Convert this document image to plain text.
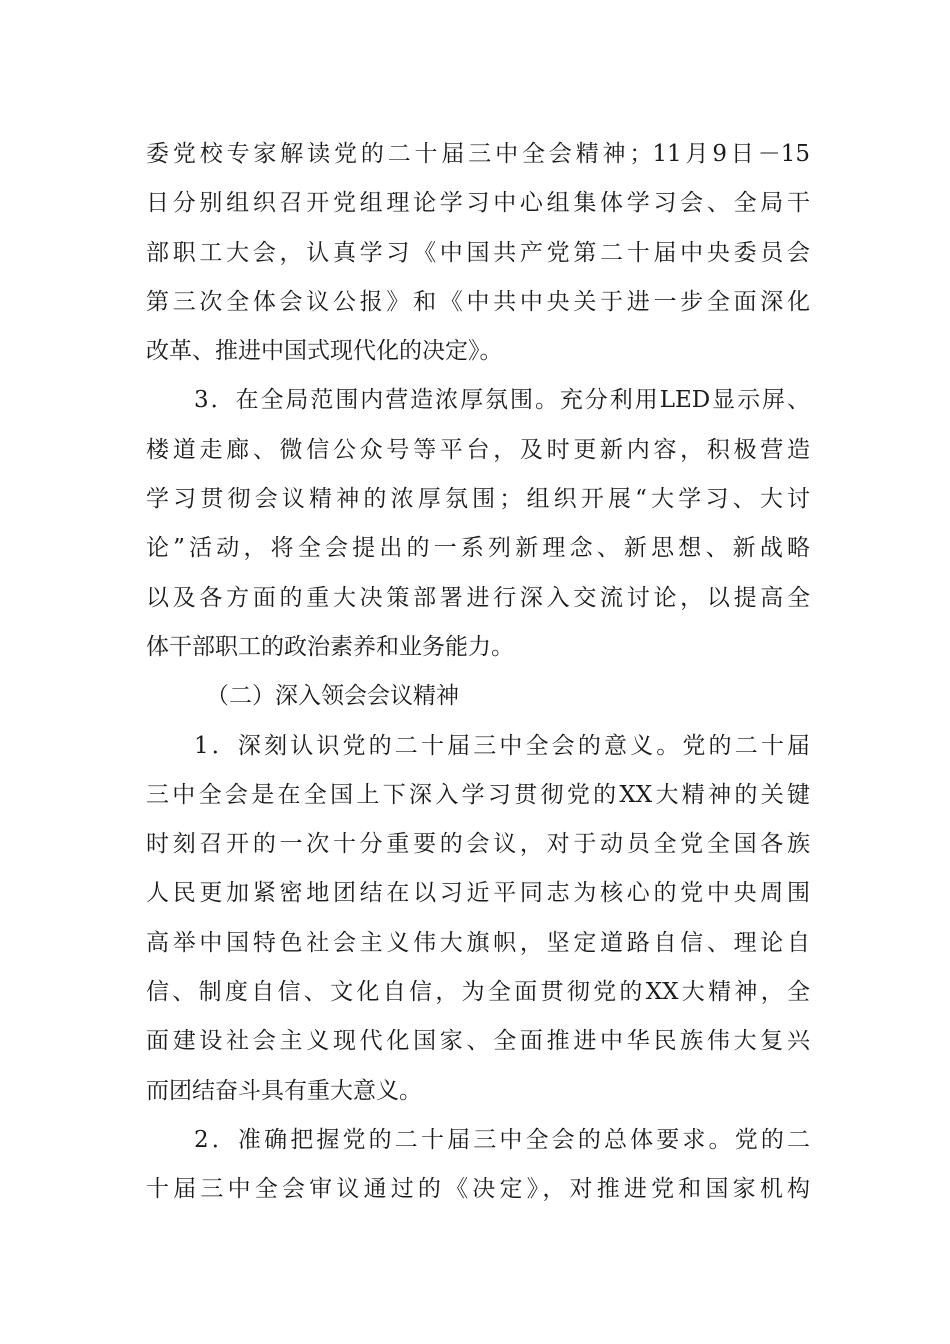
委党校专家解读党的二十届三中全会精神；11月9日－15
日分别组织召开党组理论学习中心组集体学习会、全局干
部职工大会，认真学习《中国共产党第二十届中央委员会
第三次全体会议公报》和《中共中央关于进一步全面深化
改革、推进中国式现代化的决定》。
3．在全局范围内营造浓厚氛围。充分利用LED显示屏、
楼道走廊、微信公众号等平台，及时更新内容，积极营造
学习贯彻会议精神的浓厚氛围；组织开展“大学习、大讨
论”活动，将全会提出的一系列新理念、新思想、新战略
以及各方面的重大决策部署进行深入交流讨论，以提高全
体干部职工的政治素养和业务能力。
（二）深入领会会议精神
1．深刻认识党的二十届三中全会的意义。党的二十届
三中全会是在全国上下深入学习贯彻党的XX大精神的关键
时刻召开的一次十分重要的会议，对于动员全党全国各族
人民更加紧密地团结在以习近平同志为核心的党中央周围
高举中国特色社会主义伟大旗帜，坚定道路自信、理论自
信、制度自信、文化自信，为全面贯彻党的XX大精神，全
面建设社会主义现代化国家、全面推进中华民族伟大复兴
而团结奋斗具有重大意义。
2．准确把握党的二十届三中全会的总体要求。党的二
十届三中全会审议通过的《决定》，对推进党和国家机构
